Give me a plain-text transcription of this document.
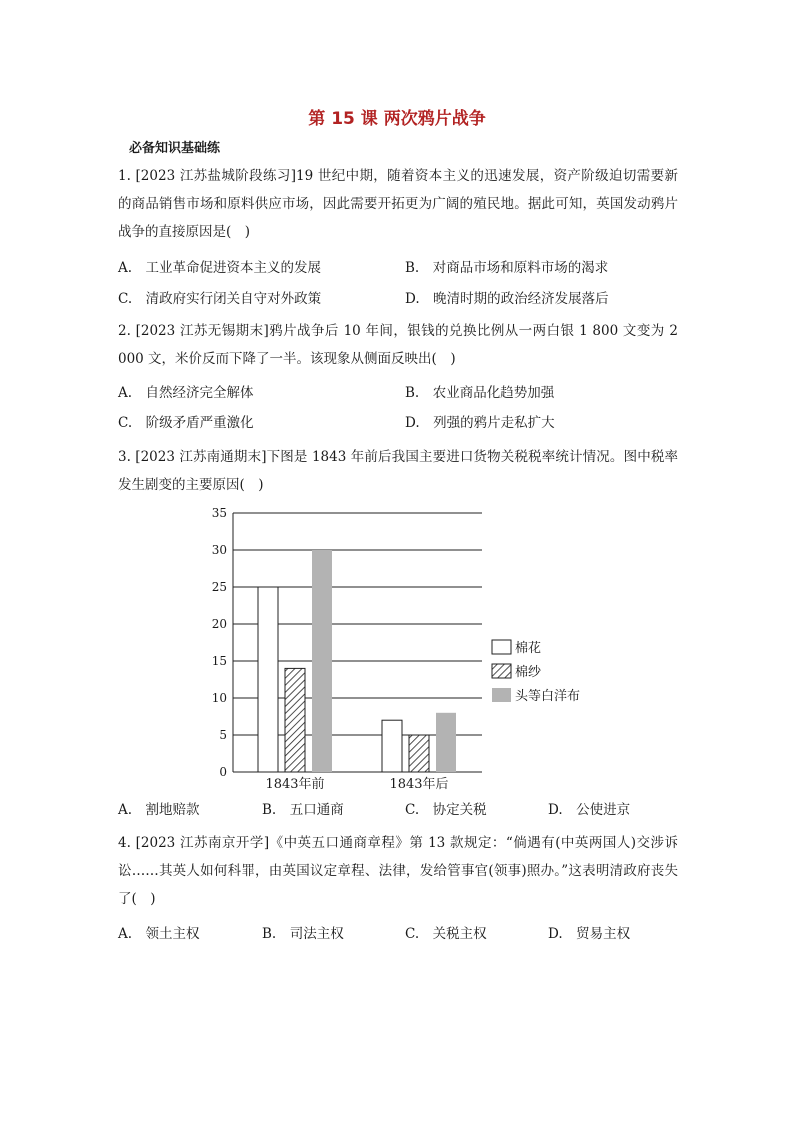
第 15 课 两次鸦片战争
必备知识基础练
1. [2023 江苏盐城阶段练习]19 世纪中期，随着资本主义的迅速发展，资产阶级迫切需要新的商品销售市场和原料供应市场，因此需要开拓更为广阔的殖民地。据此可知，英国发动鸦片战争的直接原因是(　)
A.　工业革命促进资本主义的发展	B.　对商品市场和原料市场的渴求
C.　清政府实行闭关自守对外政策	D.　晚清时期的政治经济发展落后
2. [2023 江苏无锡期末]鸦片战争后 10 年间，银钱的兑换比例从一两白银 1 800 文变为 2 000 文，米价反而下降了一半。该现象从侧面反映出(　)
A.　自然经济完全解体	B.　农业商品化趋势加强
C.　阶级矛盾严重激化	D.　列强的鸦片走私扩大
3. [2023 江苏南通期末]下图是 1843 年前后我国主要进口货物关税税率统计情况。图中税率发生剧变的主要原因(　)
0
5
10
15
20
25
30
35
1843年前	1843年后
棉花
棉纱
头等白洋布
A.　割地赔款	B.　五口通商	C.　协定关税	D.　公使进京
4. [2023 江苏南京开学]《中英五口通商章程》第 13 款规定：“倘遇有(中英两国人)交涉诉讼……其英人如何科罪，由英国议定章程、法律，发给管事官(领事)照办。”这表明清政府丧失了(　)
A.　领土主权	B.　司法主权	C.　关税主权	D.　贸易主权
